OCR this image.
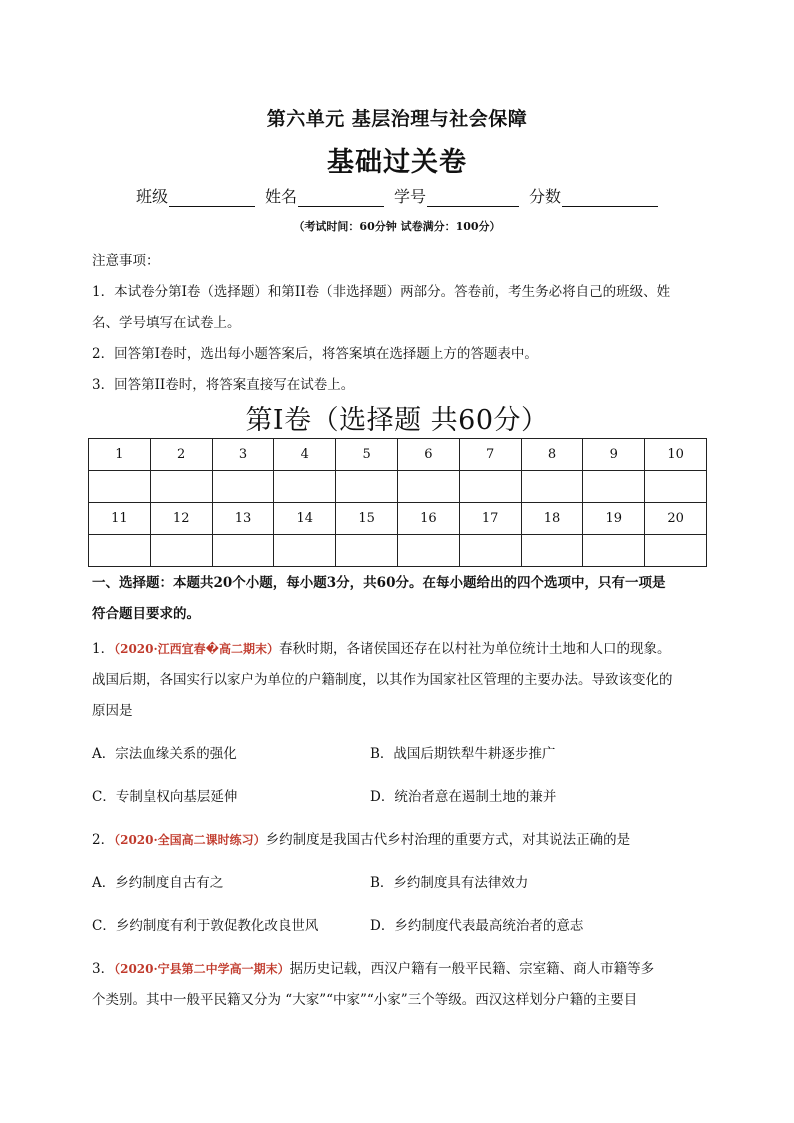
第六单元 基层治理与社会保障
基础过关卷
班级	姓名	学号	分数
（考试时间：60分钟 试卷满分：100分）

注意事项：

1．本试卷分第I卷（选择题）和第II卷（非选择题）两部分。答卷前，考生务必将自己的班级、姓

名、学号填写在试卷上。

2．回答第I卷时，选出每小题答案后，将答案填在选择题上方的答题表中。

3．回答第II卷时，将答案直接写在试卷上。

第I卷（选择题 共60分）
1	2	3	4	5	6	7	8	9	10

11	12	13	14	15	16	17	18	19	20

一、选择题：本题共20个小题，每小题3分，共60分。在每小题给出的四个选项中，只有一项是

符合题目要求的。

1．（2020·江西宜春�高二期末）春秋时期，各诸侯国还存在以村社为单位统计土地和人口的现象。

战国后期，各国实行以家户为单位的户籍制度，以其作为国家社区管理的主要办法。导致该变化的

原因是

A．宗法血缘关系的强化	B．战国后期铁犁牛耕逐步推广
C．专制皇权向基层延伸	D．统治者意在遏制土地的兼并

2．（2020·全国高二课时练习）乡约制度是我国古代乡村治理的重要方式，对其说法正确的是

A．乡约制度自古有之	B．乡约制度具有法律效力
C．乡约制度有利于敦促教化改良世风	D．乡约制度代表最高统治者的意志

3．（2020·宁县第二中学高一期末）据历史记载，西汉户籍有一般平民籍、宗室籍、商人市籍等多

个类别。其中一般平民籍又分为 “大家”“中家”“小家”三个等级。西汉这样划分户籍的主要目
